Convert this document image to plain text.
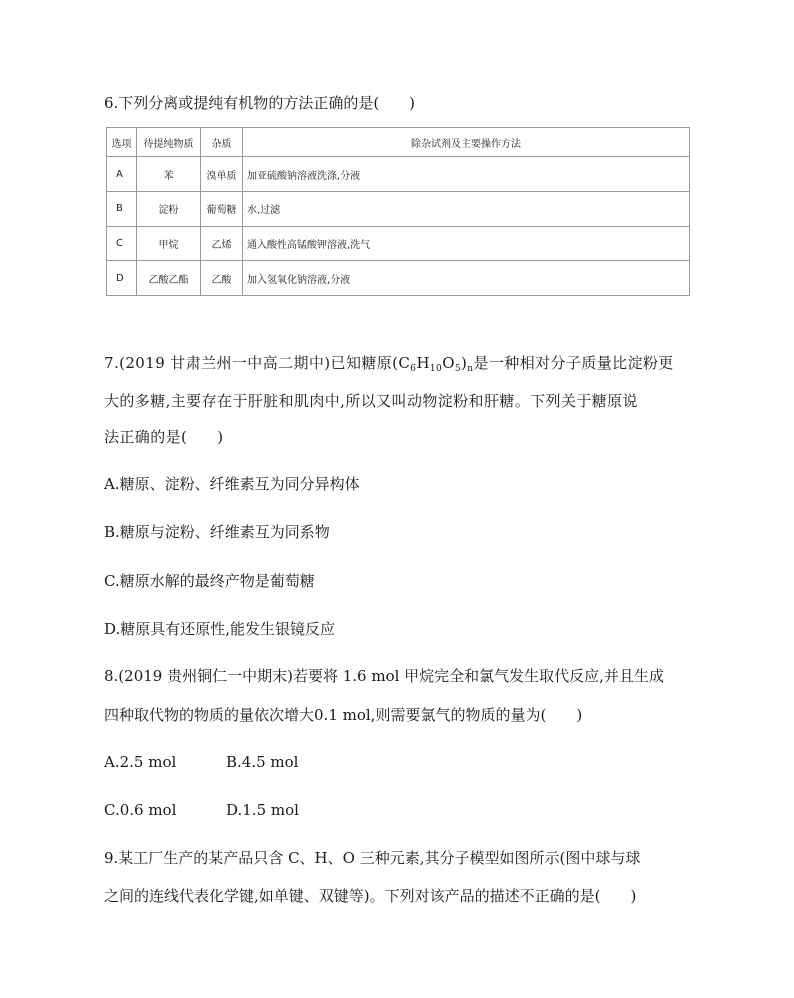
6.下列分离或提纯有机物的方法正确的是( )
选项	待提纯物质	杂质	除杂试剂及主要操作方法
A	苯	溴单质	加亚硫酸钠溶液洗涤,分液
B	淀粉	葡萄糖	水,过滤
C	甲烷	乙烯	通入酸性高锰酸钾溶液,洗气
D	乙酸乙酯	乙酸	加入氢氧化钠溶液,分液
7.(2019 甘肃兰州一中高二期中)已知糖原$(C_6H_{10}O_5)_n$是一种相对分子质量比淀粉更
大的多糖,主要存在于肝脏和肌肉中,所以又叫动物淀粉和肝糖。下列关于糖原说
法正确的是( )
A.糖原、淀粉、纤维素互为同分异构体
B.糖原与淀粉、纤维素互为同系物
C.糖原水解的最终产物是葡萄糖
D.糖原具有还原性,能发生银镜反应
8.(2019 贵州铜仁一中期末)若要将 1.6 mol 甲烷完全和氯气发生取代反应,并且生成
四种取代物的物质的量依次增大0.1 mol,则需要氯气的物质的量为( )
A.2.5 mol	B.4.5 mol
C.0.6 mol	D.1.5 mol
9.某工厂生产的某产品只含 C、H、O 三种元素,其分子模型如图所示(图中球与球
之间的连线代表化学键,如单键、双键等)。下列对该产品的描述不正确的是( )
